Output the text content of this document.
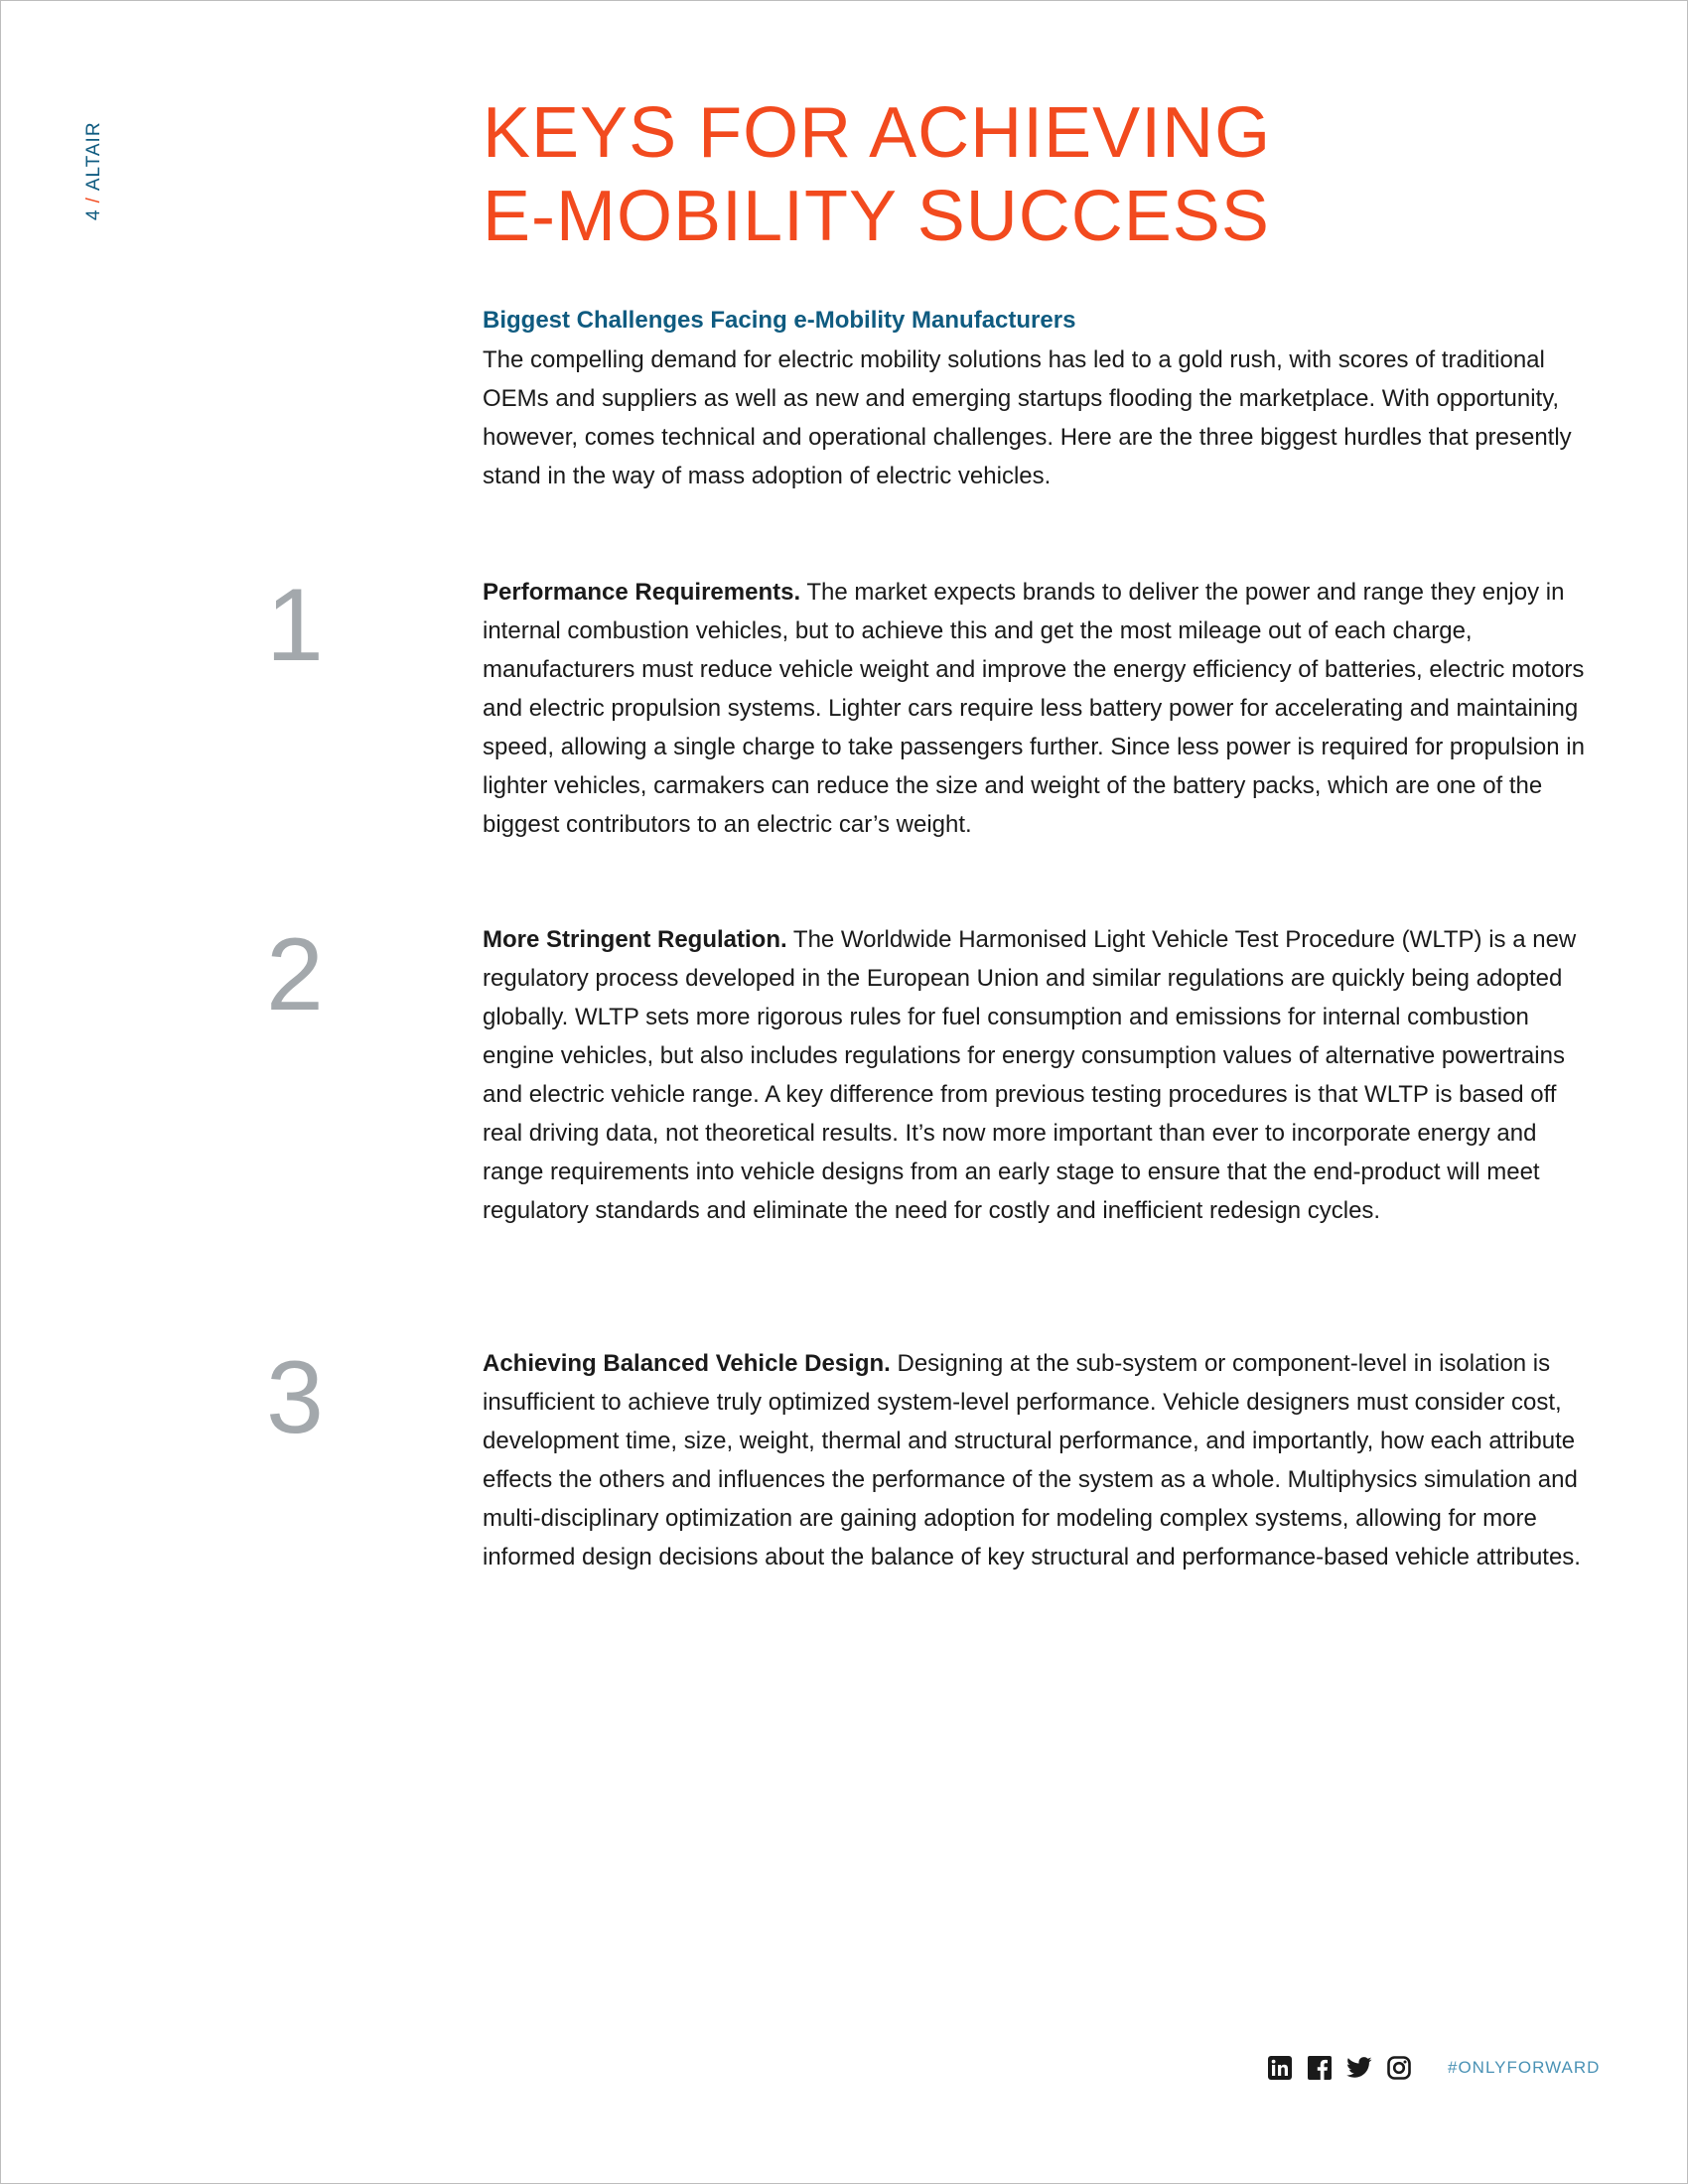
4/ALTAIR	KEYS FOR ACHIEVING
E-MOBILITY SUCCESS
Biggest Challenges Facing e-Mobility Manufacturers

The compelling demand for electric mobility solutions has led to a gold rush, with scores of traditional OEMs and suppliers as well as new and emerging startups flooding the marketplace. With opportunity, however, comes technical and operational challenges. Here are the three biggest hurdles that presently stand in the way of mass adoption of electric vehicles.

1	Performance Requirements. The market expects brands to deliver the power and range they enjoy in internal combustion vehicles, but to achieve this and get the most mileage out of each charge, manufacturers must reduce vehicle weight and improve the energy efficiency of batteries, electric motors and electric propulsion systems. Lighter cars require less battery power for accelerating and maintaining speed, allowing a single charge to take passengers further. Since less power is required for propulsion in lighter vehicles, carmakers can reduce the size and weight of the battery packs, which are one of the biggest contributors to an electric car’s weight.

2	More Stringent Regulation. The Worldwide Harmonised Light Vehicle Test Procedure (WLTP) is a new regulatory process developed in the European Union and similar regulations are quickly being adopted globally. WLTP sets more rigorous rules for fuel consumption and emissions for internal combustion engine vehicles, but also includes regulations for energy consumption values of alternative powertrains and electric vehicle range. A key difference from previous testing procedures is that WLTP is based off real driving data, not theoretical results. It’s now more important than ever to incorporate energy and range requirements into vehicle designs from an early stage to ensure that the end-product will meet regulatory standards and eliminate the need for costly and inefficient redesign cycles.

3	Achieving Balanced Vehicle Design. Designing at the sub-system or component-level in isolation is insufficient to achieve truly optimized system-level performance. Vehicle designers must consider cost, development time, size, weight, thermal and structural performance, and importantly, how each attribute effects the others and influences the performance of the system as a whole. Multiphysics simulation and multi-disciplinary optimization are gaining adoption for modeling complex systems, allowing for more informed design decisions about the balance of key structural and performance-based vehicle attributes.

#ONLYFORWARD
